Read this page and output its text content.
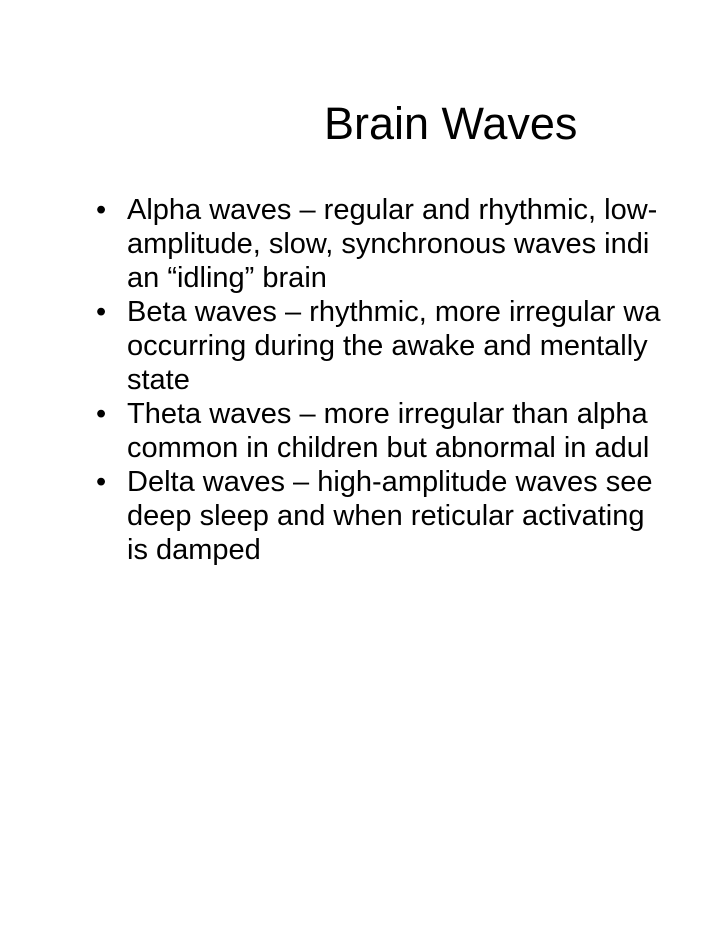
Brain Waves
• Alpha waves – regular and rhythmic, low-
amplitude, slow, synchronous waves indi
an “idling” brain
• Beta waves – rhythmic, more irregular wa
occurring during the awake and mentally
state
• Theta waves – more irregular than alpha
common in children but abnormal in adul
• Delta waves – high-amplitude waves see
deep sleep and when reticular activating
is damped
